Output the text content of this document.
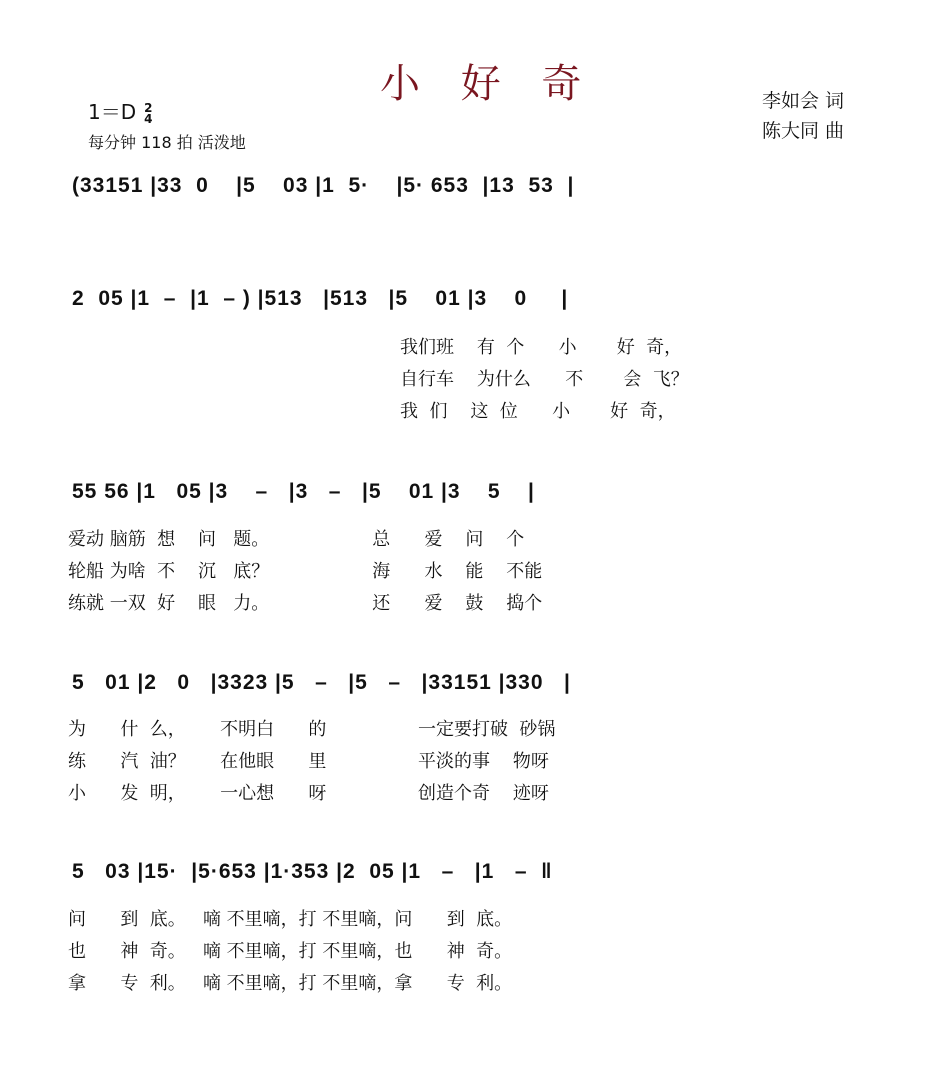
小 好 奇
1＝D 2
4
每分钟 118 拍 活泼地
李如会 词
陈大同 曲
(33151 |33  0    |5    03 |1  5·    |5· 653  |13  53  |
2  05 |1  –  |1  – ) |513   |513   |5    01 |3    0     |
我们班    有  个      小       好  奇，
自行车    为什么      不       会  飞？
我  们    这  位      小       好  奇，
55 56 |1   05 |3    –   |3   –   |5    01 |3    5    |
爱动 脑筋  想    问   题。                  总      爱    问    个
轮船 为啥  不    沉   底？                  海      水    能    不能
练就 一双  好    眼   力。                  还      爱    鼓    捣个
5   01 |2   0   |3323 |5   –   |5   –   |33151 |330   |
为      什  么，      不明白      的                一定要打破  砂锅
练      汽  油？      在他眼      里                平淡的事    物呀
小      发  明，      一心想      呀                创造个奇    迹呀
5   03 |15·  |5·653 |1·353 |2  05 |1   –   |1   –  ‖
问      到  底。   嘀 不里嘀，打 不里嘀，问      到  底。
也      神  奇。   嘀 不里嘀，打 不里嘀，也      神  奇。
拿      专  利。   嘀 不里嘀，打 不里嘀，拿      专  利。
